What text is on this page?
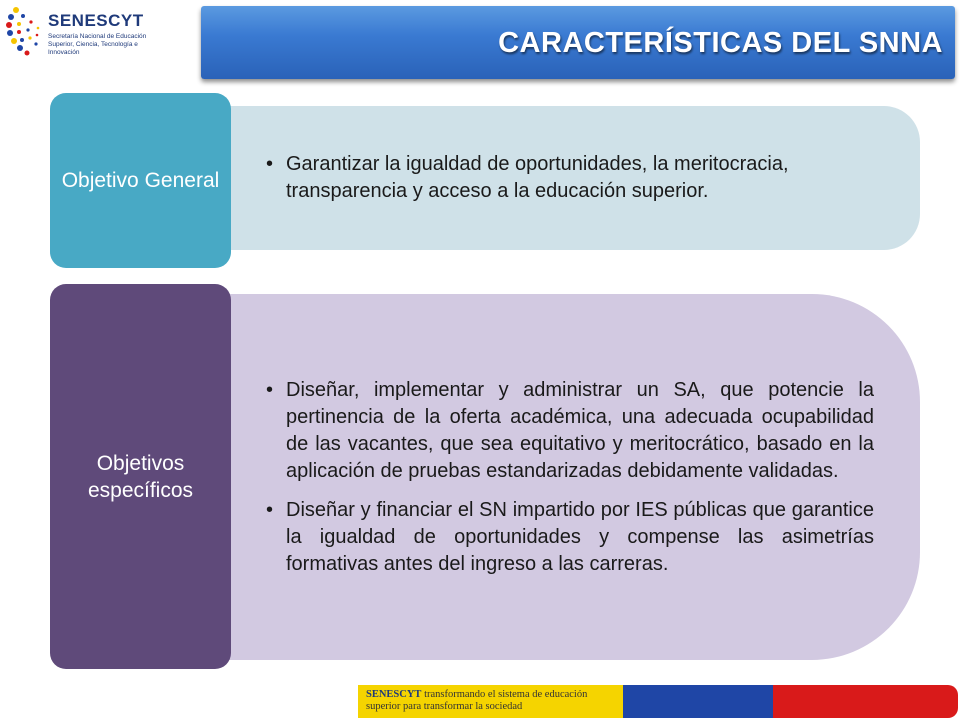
SENESCYT
Secretaría Nacional de Educación Superior, Ciencia, Tecnología e Innovación	CARACTERÍSTICAS DEL SNNA
• Garantizar la igualdad de oportunidades, la meritocracia, transparencia y acceso a la educación superior.
Objetivo General
• Diseñar, implementar y administrar un SA, que potencie la pertinencia de la oferta académica, una adecuada ocupabilidad de las vacantes, que sea equitativo y meritocrático, basado en la aplicación de pruebas estandarizadas debidamente validadas.
• Diseñar y financiar el SN impartido por IES públicas que garantice la igualdad de oportunidades y compense las asimetrías formativas antes del ingreso a las carreras.
Objetivos específicos
SENESCYT transformando el sistema de educación superior para transformar la sociedad
